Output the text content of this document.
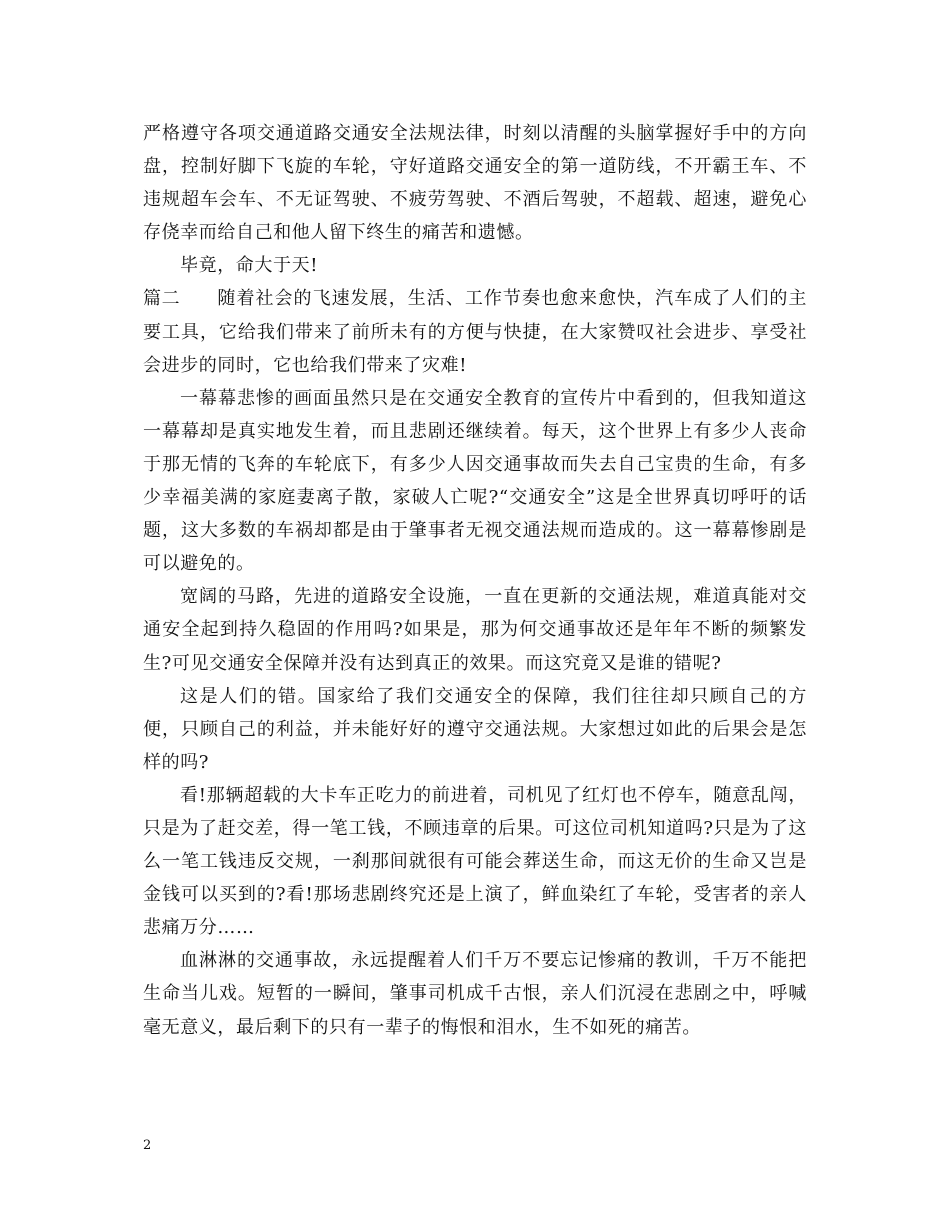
严格遵守各项交通道路交通安全法规法律，时刻以清醒的头脑掌握好手中的方向盘，控制好脚下飞旋的车轮，守好道路交通安全的第一道防线，不开霸王车、不违规超车会车、不无证驾驶、不疲劳驾驶、不酒后驾驶，不超载、超速，避免心存侥幸而给自己和他人留下终生的痛苦和遗憾。

毕竟，命大于天!

篇二 随着社会的飞速发展，生活、工作节奏也愈来愈快，汽车成了人们的主要工具，它给我们带来了前所未有的方便与快捷，在大家赞叹社会进步、享受社会进步的同时，它也给我们带来了灾难!

一幕幕悲惨的画面虽然只是在交通安全教育的宣传片中看到的，但我知道这一幕幕却是真实地发生着，而且悲剧还继续着。每天，这个世界上有多少人丧命于那无情的飞奔的车轮底下，有多少人因交通事故而失去自己宝贵的生命，有多少幸福美满的家庭妻离子散，家破人亡呢?“交通安全”这是全世界真切呼吁的话题，这大多数的车祸却都是由于肇事者无视交通法规而造成的。这一幕幕惨剧是可以避免的。

宽阔的马路，先进的道路安全设施，一直在更新的交通法规，难道真能对交通安全起到持久稳固的作用吗?如果是，那为何交通事故还是年年不断的频繁发生?可见交通安全保障并没有达到真正的效果。而这究竟又是谁的错呢?

这是人们的错。国家给了我们交通安全的保障，我们往往却只顾自己的方便，只顾自己的利益，并未能好好的遵守交通法规。大家想过如此的后果会是怎样的吗?

看!那辆超载的大卡车正吃力的前进着，司机见了红灯也不停车，随意乱闯，只是为了赶交差，得一笔工钱，不顾违章的后果。可这位司机知道吗?只是为了这么一笔工钱违反交规，一刹那间就很有可能会葬送生命，而这无价的生命又岂是金钱可以买到的?看!那场悲剧终究还是上演了，鲜血染红了车轮，受害者的亲人悲痛万分……

血淋淋的交通事故，永远提醒着人们千万不要忘记惨痛的教训，千万不能把生命当儿戏。短暂的一瞬间，肇事司机成千古恨，亲人们沉浸在悲剧之中，呼喊毫无意义，最后剩下的只有一辈子的悔恨和泪水，生不如死的痛苦。

2
